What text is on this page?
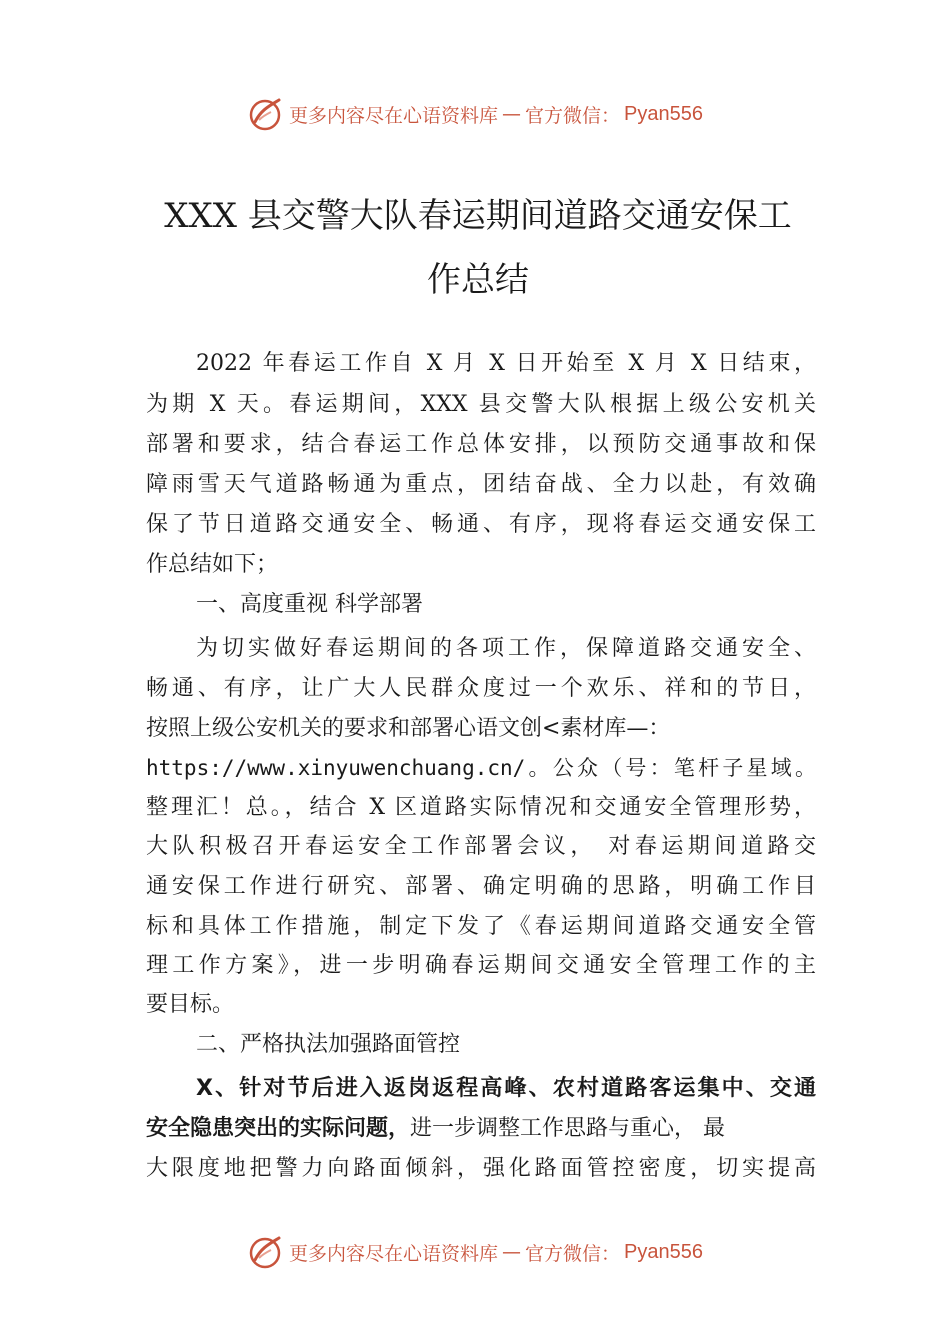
更多内容尽在心语资料库 — 官方微信： Pyan556
XXX 县交警大队春运期间道路交通安保工
作总结
2022 年春运工作自 X 月 X 日开始至 X 月 X 日结束，
为期 X 天。春运期间，XXX 县交警大队根据上级公安机关
部署和要求，结合春运工作总体安排，以预防交通事故和保
障雨雪天气道路畅通为重点，团结奋战、全力以赴，有效确
保了节日道路交通安全、畅通、有序，现将春运交通安保工
作总结如下；
一、高度重视 科学部署
为切实做好春运期间的各项工作，保障道路交通安全、
畅通、有序，让广大人民群众度过一个欢乐、祥和的节日，
按照上级公安机关的要求和部署心语文创<素材库—：
https://www.xinyuwenchuang.cn/。公众（号：笔杆子星域。
整理汇！总。，结合 X 区道路实际情况和交通安全管理形势，
大队积极召开春运安全工作部署会议， 对春运期间道路交
通安保工作进行研究、部署、确定明确的思路，明确工作目
标和具体工作措施，制定下发了《春运期间道路交通安全管
理工作方案》，进一步明确春运期间交通安全管理工作的主
要目标。
二、严格执法加强路面管控
X、针对节后进入返岗返程高峰、农村道路客运集中、交通
安全隐患突出的实际问题，进一步调整工作思路与重心， 最
大限度地把警力向路面倾斜，强化路面管控密度，切实提高
更多内容尽在心语资料库 — 官方微信： Pyan556
